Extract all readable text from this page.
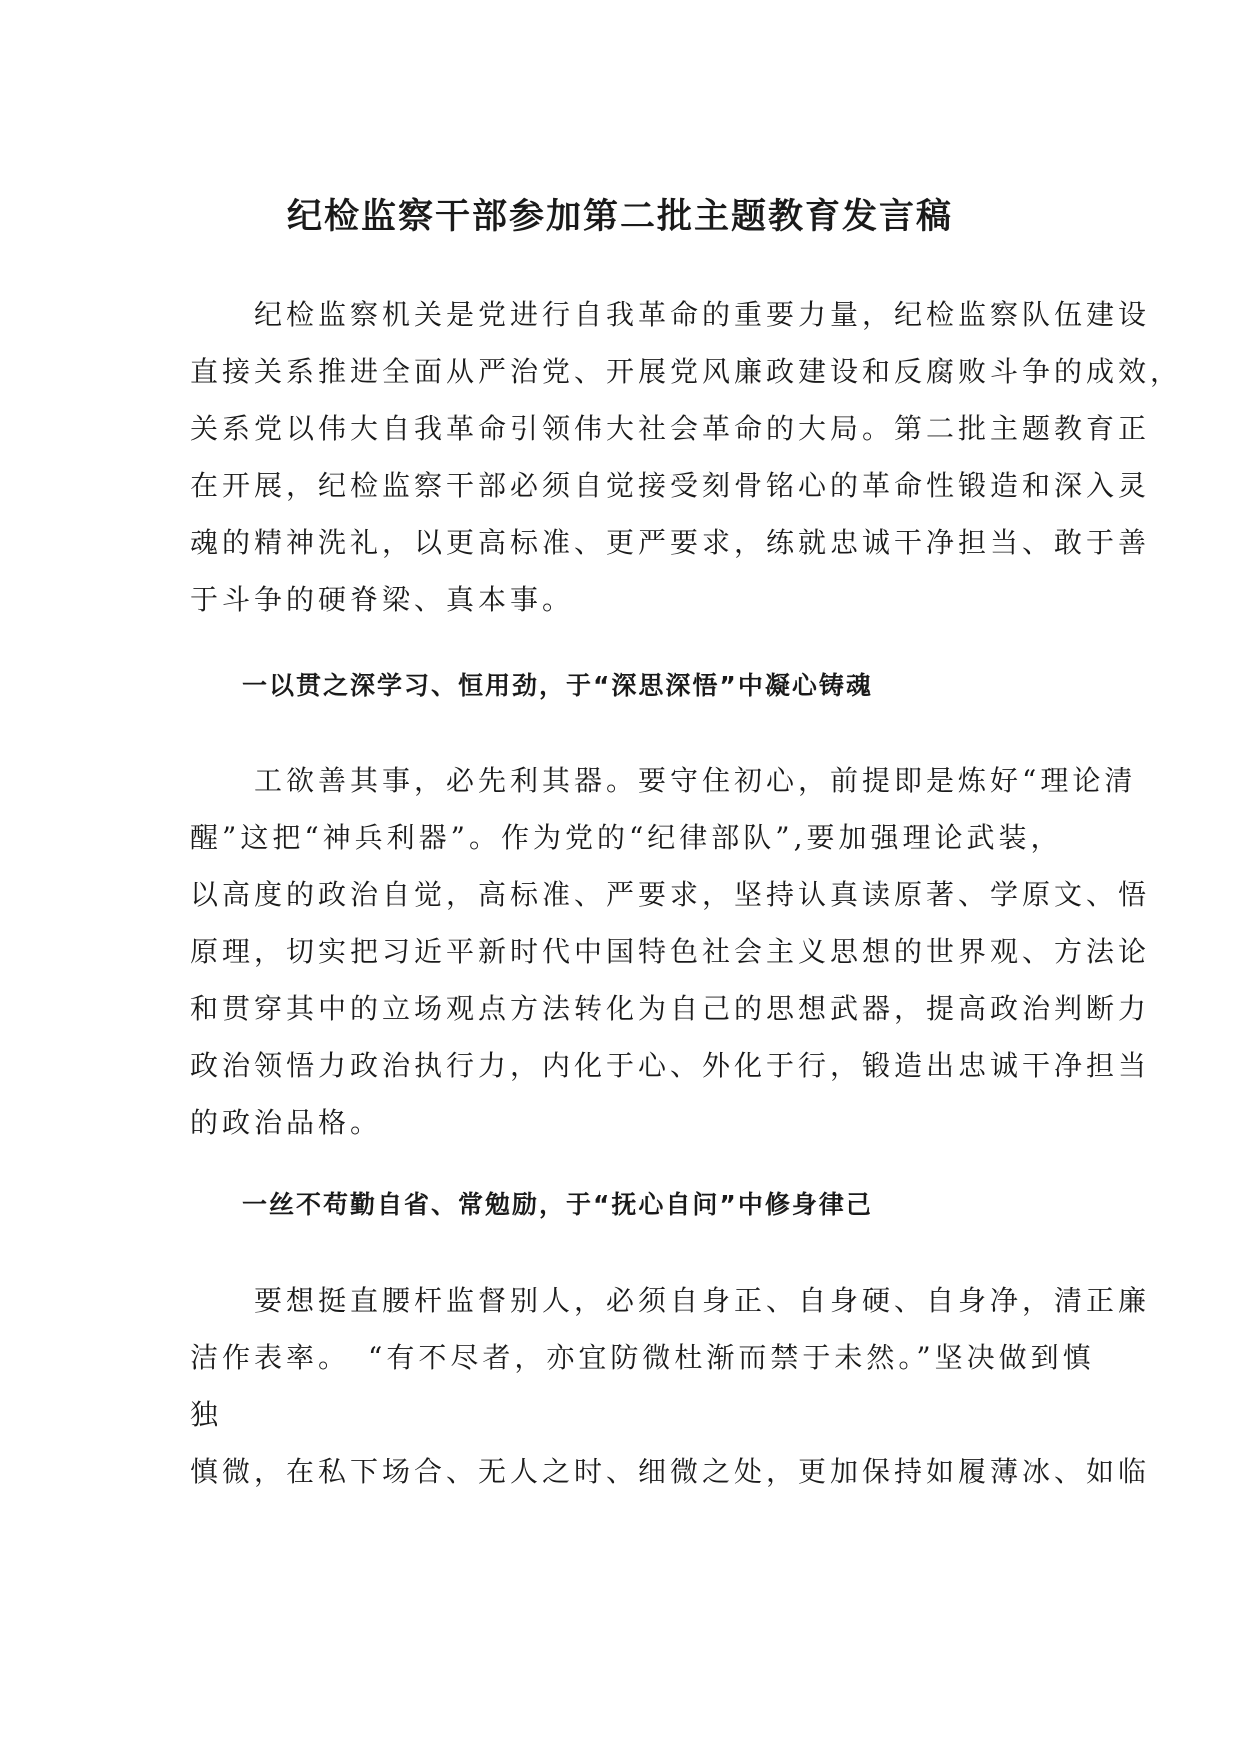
纪检监察干部参加第二批主题教育发言稿
　　纪检监察机关是党进行自我革命的重要力量，纪检监察队伍建设
直接关系推进全面从严治党、开展党风廉政建设和反腐败斗争的成效，
关系党以伟大自我革命引领伟大社会革命的大局。第二批主题教育正
在开展，纪检监察干部必须自觉接受刻骨铭心的革命性锻造和深入灵
魂的精神洗礼，以更高标准、更严要求，练就忠诚干净担当、敢于善
于斗争的硬脊梁、真本事。
一以贯之深学习、恒用劲，于“深思深悟”中凝心铸魂
　　工欲善其事，必先利其器。要守住初心，前提即是炼好“理论清
醒”这把“神兵利器”。作为党的“纪律部队”,要加强理论武装，
以高度的政治自觉，高标准、严要求，坚持认真读原著、学原文、悟
原理，切实把习近平新时代中国特色社会主义思想的世界观、方法论
和贯穿其中的立场观点方法转化为自己的思想武器，提高政治判断力
政治领悟力政治执行力，内化于心、外化于行，锻造出忠诚干净担当
的政治品格。
一丝不苟勤自省、常勉励，于“抚心自问”中修身律己
　　要想挺直腰杆监督别人，必须自身正、自身硬、自身净，清正廉
洁作表率。　“有不尽者，亦宜防微杜渐而禁于未然。”坚决做到慎
独
慎微，在私下场合、无人之时、细微之处，更加保持如履薄冰、如临
